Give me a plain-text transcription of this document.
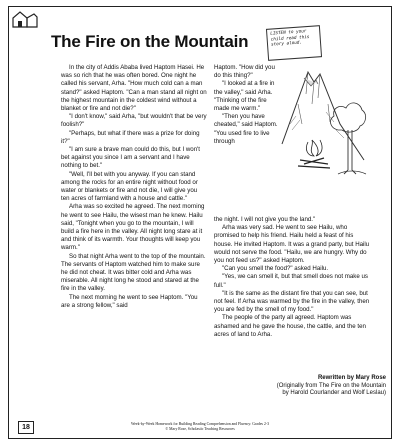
The Fire on the Mountain	LISTEN to your child read this story aloud.

In the city of Addis Ababa lived Haptom Hasei. He was so rich that he was often bored. One night he called his servant, Arha. "How much cold can a man stand?" asked Haptom. "Can a man stand all night on the highest mountain in the coldest wind without a blanket or fire and not die?"

"I don't know," said Arha, "but wouldn't that be very foolish?"

"Perhaps, but what if there was a prize for doing it?"

"I am sure a brave man could do this, but I won't bet against you since I am a servant and I have nothing to bet."

"Well, I'll bet with you anyway. If you can stand among the rocks for an entire night without food or water or blankets or fire and not die, I will give you ten acres of farmland with a house and cattle."

Arha was so excited he agreed. The next morning he went to see Hailu, the wisest man he knew. Hailu said, "Tonight when you go to the mountain, I will build a fire here in the valley. All night long stare at it and think of its warmth. Your thoughts will keep you warm."

So that night Arha went to the top of the mountain. The servants of Haptom watched him to make sure he did not cheat. It was bitter cold and Arha was miserable. All night long he stood and stared at the fire in the valley.

The next morning he went to see Haptom. "You are a strong fellow," said

Haptom. "How did you do this thing?"

"I looked at a fire in the valley," said Arha. "Thinking of the fire made me warm."

"Then you have cheated," said Haptom. "You used fire to live through

the night. I will not give you the land."

Arha was very sad. He went to see Hailu, who promised to help his friend. Hailu held a feast of his house. He invited Haptom. It was a grand party, but Hailu would not serve the food. "Hailu, we are hungry. Why do you not feed us?" asked Haptom.

"Can you smell the food?" asked Hailu.

"Yes, we can smell it, but that smell does not make us full."

"It is the same as the distant fire that you can see, but not feel. If Arha was warmed by the fire in the valley, then you are fed by the smell of my food."

The people of the party all agreed. Haptom was ashamed and he gave the house, the cattle, and the ten acres of land to Arha.

Rewritten by Mary Rose
(Originally from The Fire on the Mountain
by Harold Courlander and Wolf Leslau)
18	Week-by-Week Homework for Building Reading Comprehension and Fluency: Grades 2-3
© Mary Rose, Scholastic Teaching Resources
